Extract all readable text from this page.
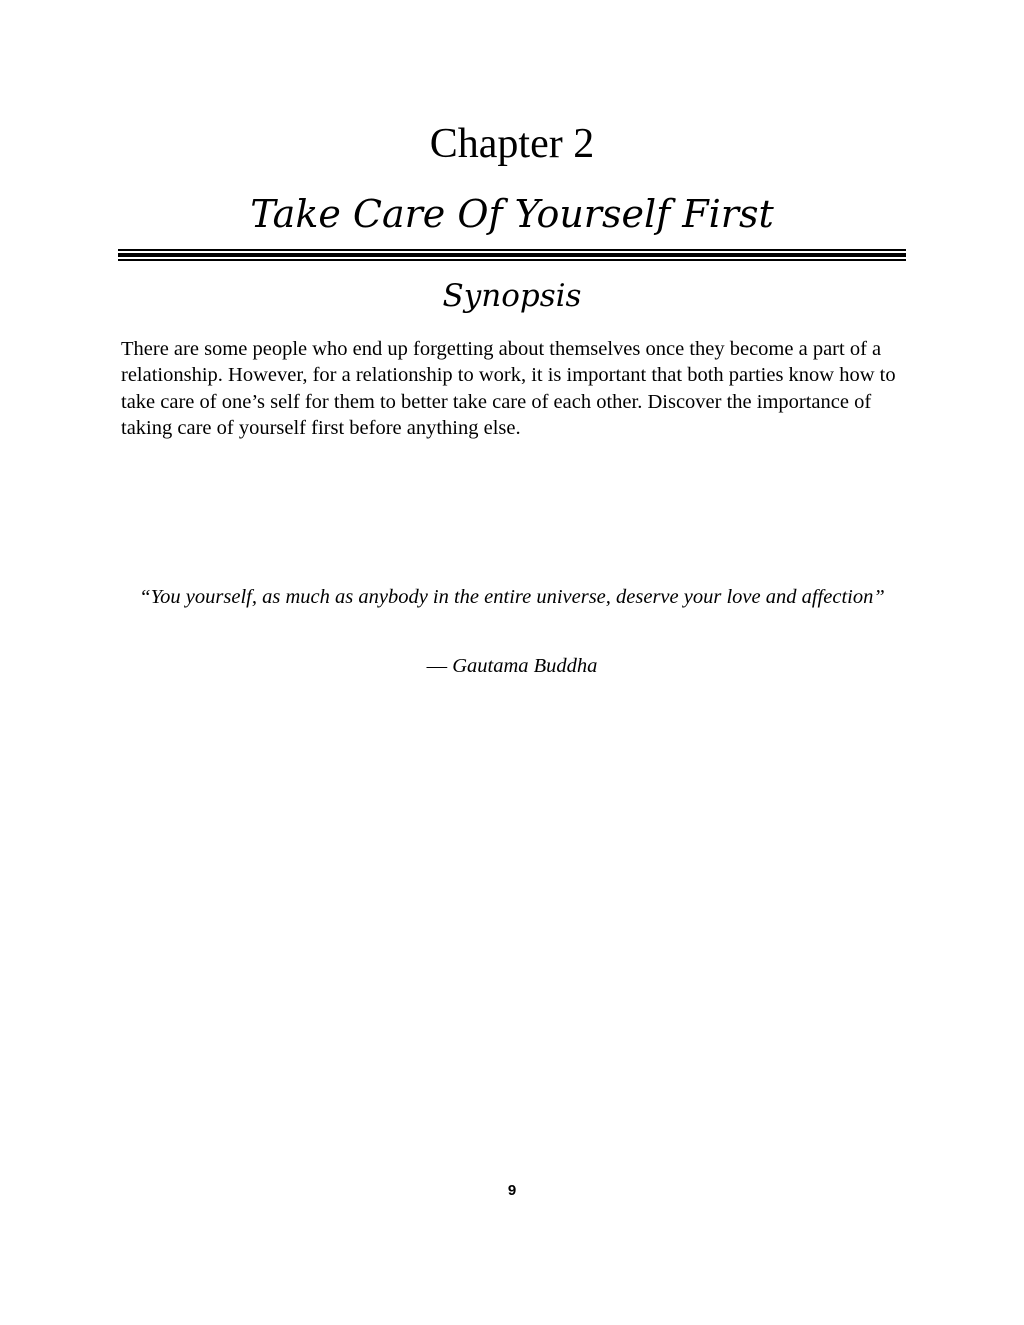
Chapter 2
Take Care Of Yourself First
Synopsis

There are some people who end up forgetting about themselves once they become a part of a relationship. However, for a relationship to work, it is important that both parties know how to take care of one’s self for them to better take care of each other. Discover the importance of taking care of yourself first before anything else.

“You yourself, as much as anybody in the entire universe, deserve your love and affection”

― Gautama Buddha

9
